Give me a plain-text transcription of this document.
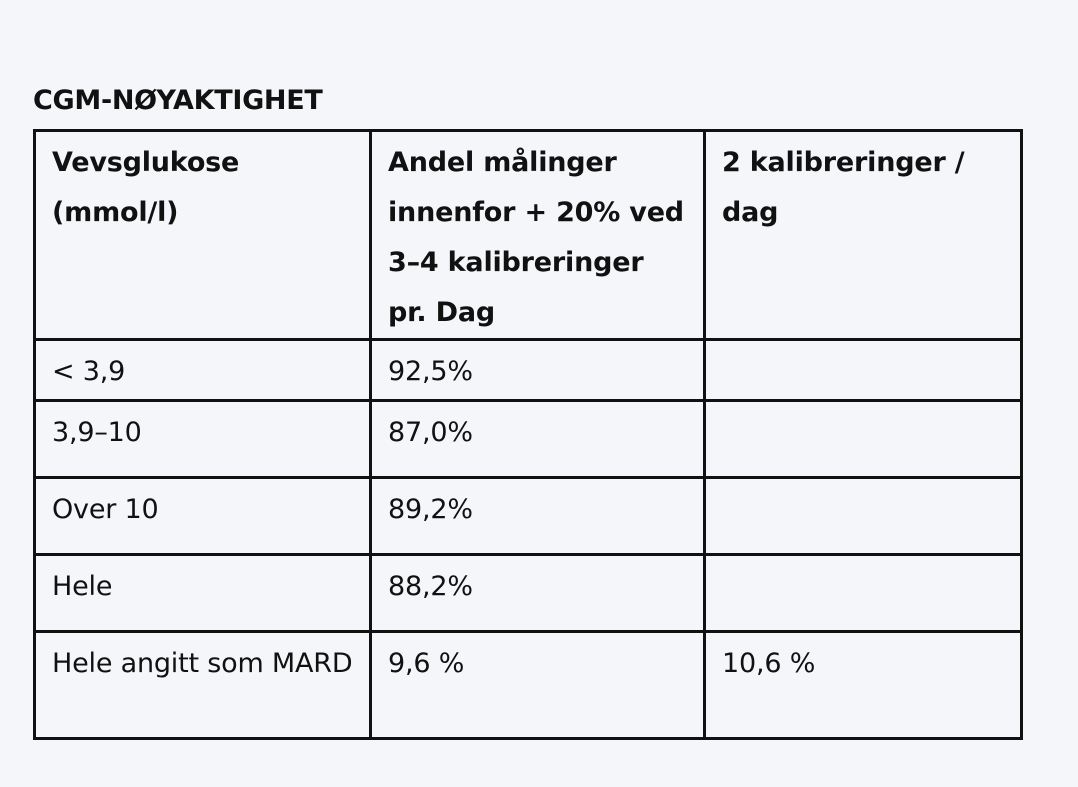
CGM-NØYAKTIGHET
Vevsglukose (mmol/l)	Andel målinger innenfor + 20% ved 3–4 kalibreringer pr. Dag	2 kalibreringer / dag
< 3,9	92,5%	
3,9–10	87,0%	
Over 10	89,2%	
Hele	88,2%	
Hele angitt som MARD	9,6 %	10,6 %
